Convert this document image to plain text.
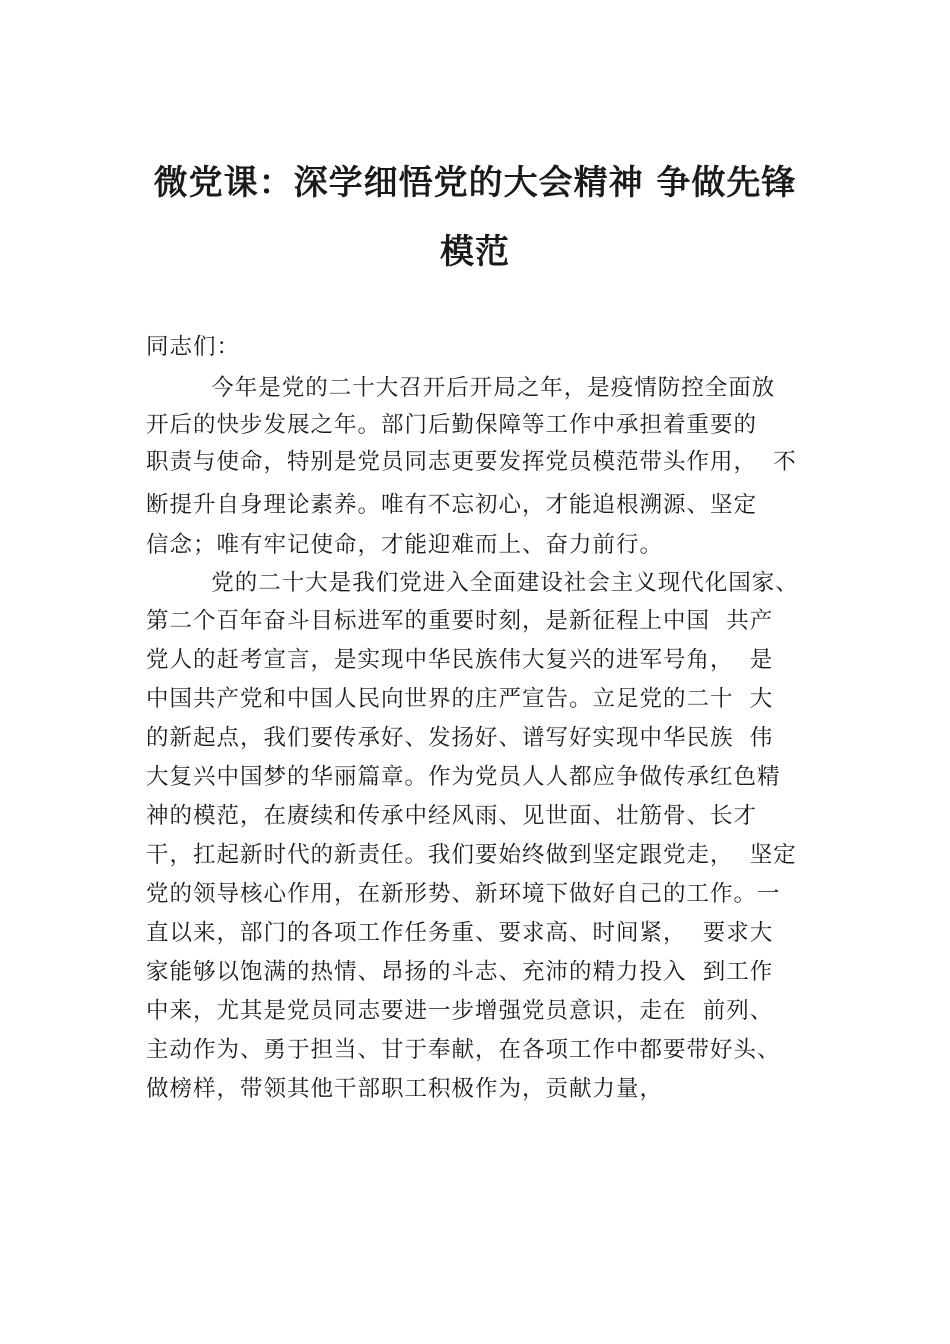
微党课：深学细悟党的大会精神 争做先锋
模范
同志们：
今年是党的二十大召开后开局之年，是疫情防控全面放
开后的快步发展之年。部门后勤保障等工作中承担着重要的
职责与使命，特别是党员同志更要发挥党员模范带头作用，  不
断提升自身理论素养。唯有不忘初心，才能追根溯源、坚定
信念；唯有牢记使命，才能迎难而上、奋力前行。
党的二十大是我们党进入全面建设社会主义现代化国家、
第二个百年奋斗目标进军的重要时刻，是新征程上中国  共产
党人的赶考宣言，是实现中华民族伟大复兴的进军号角，  是
中国共产党和中国人民向世界的庄严宣告。立足党的二十  大
的新起点，我们要传承好、发扬好、谱写好实现中华民族  伟
大复兴中国梦的华丽篇章。作为党员人人都应争做传承红色精
神的模范，在赓续和传承中经风雨、见世面、壮筋骨、长才
干，扛起新时代的新责任。我们要始终做到坚定跟党走，  坚定
党的领导核心作用，在新形势、新环境下做好自己的工作。一
直以来，部门的各项工作任务重、要求高、时间紧，  要求大
家能够以饱满的热情、昂扬的斗志、充沛的精力投入  到工作
中来，尤其是党员同志要进一步增强党员意识，走在  前列、
主动作为、勇于担当、甘于奉献，在各项工作中都要带好头、
做榜样，带领其他干部职工积极作为，贡献力量，
